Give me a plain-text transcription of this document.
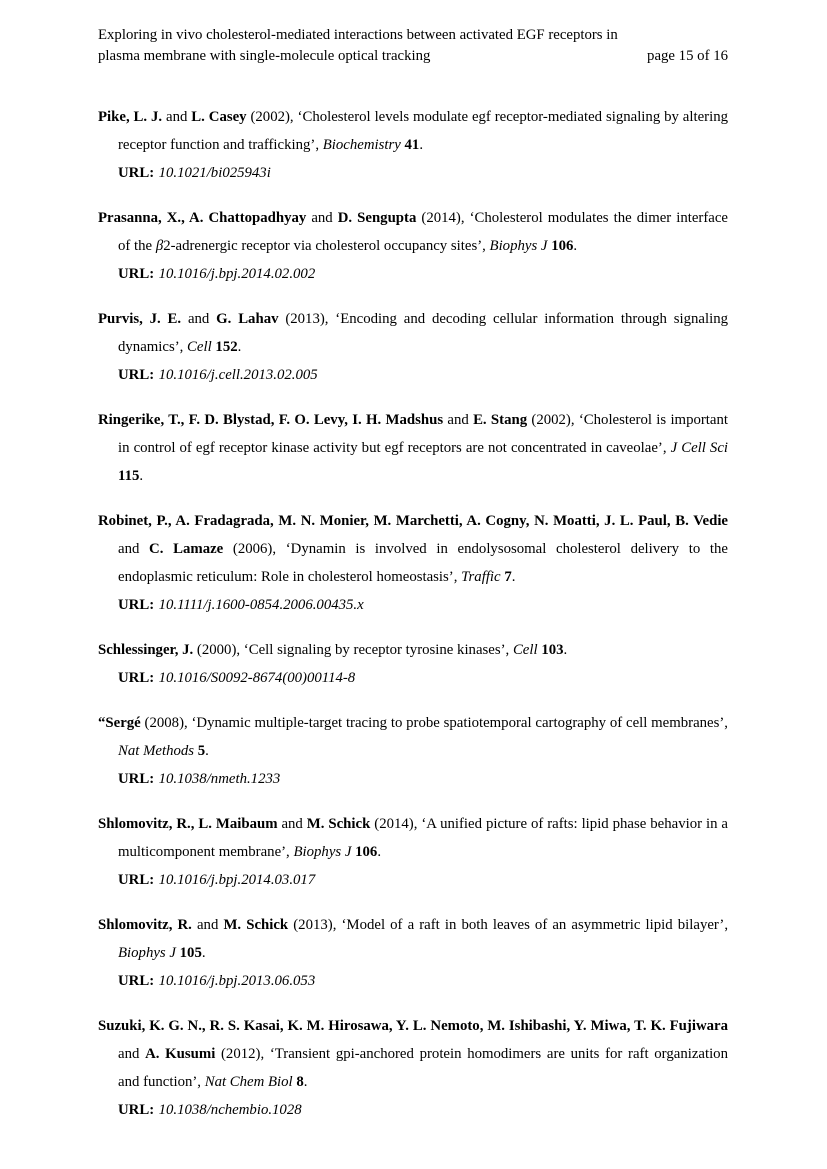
Exploring in vivo cholesterol-mediated interactions between activated EGF receptors in
plasma membrane with single-molecule optical tracking	page 15 of 16

Pike, L. J. and L. Casey (2002), ‘Cholesterol levels modulate egf receptor-mediated signaling by altering receptor function and trafficking’, Biochemistry 41.

URL: 10.1021/bi025943i

Prasanna, X., A. Chattopadhyay and D. Sengupta (2014), ‘Cholesterol modulates the dimer interface of the β2-adrenergic receptor via cholesterol occupancy sites’, Biophys J 106.

URL: 10.1016/j.bpj.2014.02.002

Purvis, J. E. and G. Lahav (2013), ‘Encoding and decoding cellular information through signaling dynamics’, Cell 152.

URL: 10.1016/j.cell.2013.02.005

Ringerike, T., F. D. Blystad, F. O. Levy, I. H. Madshus and E. Stang (2002), ‘Cholesterol is important in control of egf receptor kinase activity but egf receptors are not concentrated in caveolae’, J Cell Sci 115.

Robinet, P., A. Fradagrada, M. N. Monier, M. Marchetti, A. Cogny, N. Moatti, J. L. Paul, B. Vedie and C. Lamaze (2006), ‘Dynamin is involved in endolysosomal cholesterol delivery to the endoplasmic reticulum: Role in cholesterol homeostasis’, Traffic 7.

URL: 10.1111/j.1600-0854.2006.00435.x

Schlessinger, J. (2000), ‘Cell signaling by receptor tyrosine kinases’, Cell 103.

URL: 10.1016/S0092-8674(00)00114-8

“Sergé (2008), ‘Dynamic multiple-target tracing to probe spatiotemporal cartography of cell membranes’, Nat Methods 5.

URL: 10.1038/nmeth.1233

Shlomovitz, R., L. Maibaum and M. Schick (2014), ‘A unified picture of rafts: lipid phase behavior in a multicomponent membrane’, Biophys J 106.

URL: 10.1016/j.bpj.2014.03.017

Shlomovitz, R. and M. Schick (2013), ‘Model of a raft in both leaves of an asymmetric lipid bilayer’, Biophys J 105.

URL: 10.1016/j.bpj.2013.06.053

Suzuki, K. G. N., R. S. Kasai, K. M. Hirosawa, Y. L. Nemoto, M. Ishibashi, Y. Miwa, T. K. Fujiwara and A. Kusumi (2012), ‘Transient gpi-anchored protein homodimers are units for raft organization and function’, Nat Chem Biol 8.

URL: 10.1038/nchembio.1028
